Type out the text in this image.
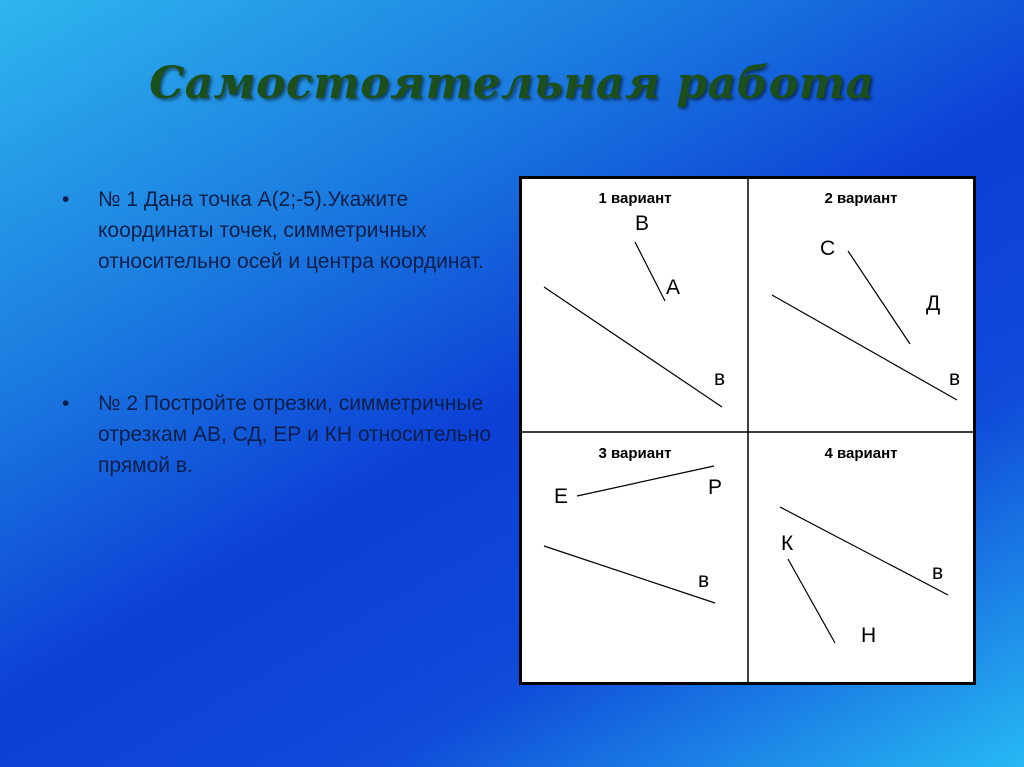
Самостоятельная работа
• № 1 Дана точка А(2;-5).Укажите координаты точек, симметричных относительно осей и центра координат.
• № 2 Постройте отрезки, симметричные отрезкам АВ, СД, ЕР и КН относительно прямой в.
1 вариант
В
А
в
2 вариант
С
Д
в
3 вариант
Е	Р
в
4 вариант
К
Н
в
